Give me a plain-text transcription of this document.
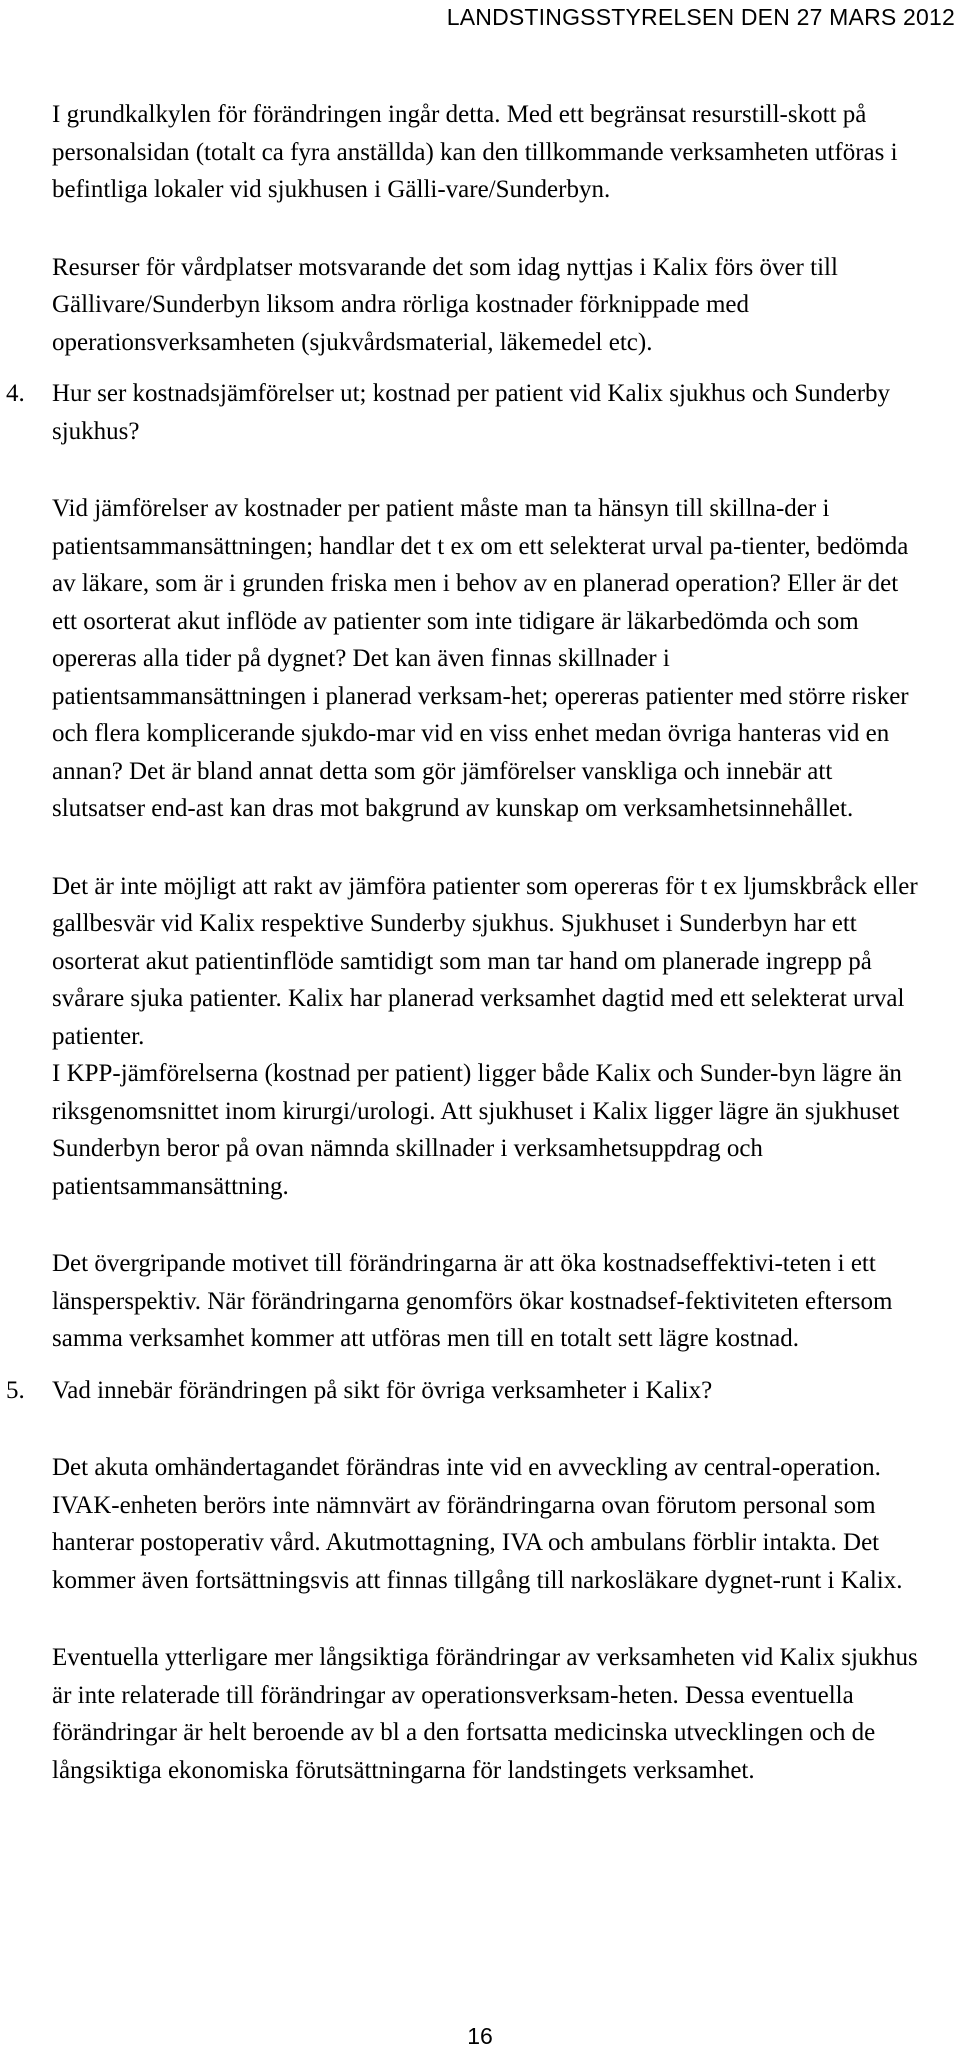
LANDSTINGSSTYRELSEN DEN 27 MARS 2012

I grundkalkylen för förändringen ingår detta. Med ett begränsat resurstill-skott på personalsidan (totalt ca fyra anställda) kan den tillkommande verksamheten utföras i befintliga lokaler vid sjukhusen i Gälli-vare/Sunderbyn.

Resurser för vårdplatser motsvarande det som idag nyttjas i Kalix förs över till Gällivare/Sunderbyn liksom andra rörliga kostnader förknippade med operationsverksamheten (sjukvårdsmaterial, läkemedel etc).

4. Hur ser kostnadsjämförelser ut; kostnad per patient vid Kalix sjukhus och Sunderby sjukhus?

Vid jämförelser av kostnader per patient måste man ta hänsyn till skillna-der i patientsammansättningen; handlar det t ex om ett selekterat urval pa-tienter, bedömda av läkare, som är i grunden friska men i behov av en planerad operation? Eller är det ett osorterat akut inflöde av patienter som inte tidigare är läkarbedömda och som opereras alla tider på dygnet? Det kan även finnas skillnader i patientsammansättningen i planerad verksam-het; opereras patienter med större risker och flera komplicerande sjukdo-mar vid en viss enhet medan övriga hanteras vid en annan? Det är bland annat detta som gör jämförelser vanskliga och innebär att slutsatser end-ast kan dras mot bakgrund av kunskap om verksamhetsinnehållet.

Det är inte möjligt att rakt av jämföra patienter som opereras för t ex ljumskbråck eller gallbesvär vid Kalix respektive Sunderby sjukhus. Sjukhuset i Sunderbyn har ett osorterat akut patientinflöde samtidigt som man tar hand om planerade ingrepp på svårare sjuka patienter. Kalix har planerad verksamhet dagtid med ett selekterat urval patienter.

I KPP-jämförelserna (kostnad per patient) ligger både Kalix och Sunder-byn lägre än riksgenomsnittet inom kirurgi/urologi. Att sjukhuset i Kalix ligger lägre än sjukhuset Sunderbyn beror på ovan nämnda skillnader i verksamhetsuppdrag och patientsammansättning.

Det övergripande motivet till förändringarna är att öka kostnadseffektivi-teten i ett länsperspektiv. När förändringarna genomförs ökar kostnadsef-fektiviteten eftersom samma verksamhet kommer att utföras men till en totalt sett lägre kostnad.

5. Vad innebär förändringen på sikt för övriga verksamheter i Kalix?

Det akuta omhändertagandet förändras inte vid en avveckling av central-operation. IVAK-enheten berörs inte nämnvärt av förändringarna ovan förutom personal som hanterar postoperativ vård. Akutmottagning, IVA och ambulans förblir intakta. Det kommer även fortsättningsvis att finnas tillgång till narkosläkare dygnet-runt i Kalix.

Eventuella ytterligare mer långsiktiga förändringar av verksamheten vid Kalix sjukhus är inte relaterade till förändringar av operationsverksam-heten. Dessa eventuella förändringar är helt beroende av bl a den fortsatta medicinska utvecklingen och de långsiktiga ekonomiska förutsättningarna för landstingets verksamhet.

16
